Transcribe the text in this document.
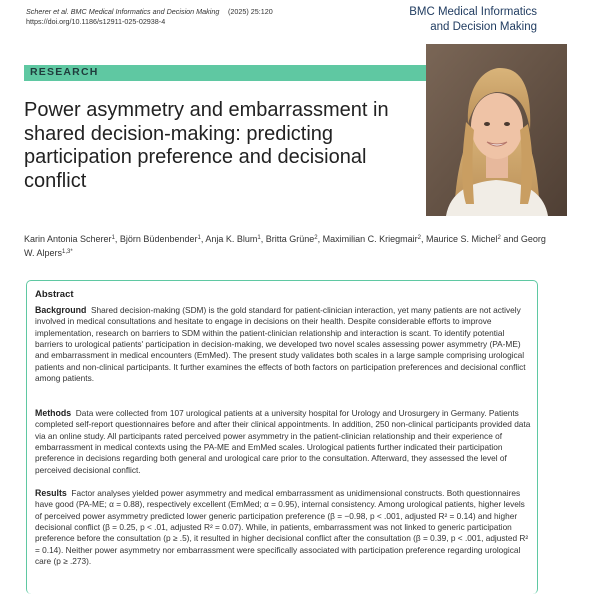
Scherer et al. BMC Medical Informatics and Decision Making (2025) 25:120
https://doi.org/10.1186/s12911-025-02938-4
BMC Medical Informatics
and Decision Making
RESEARCH
Power asymmetry and embarrassment in shared decision-making: predicting participation preference and decisional conflict
Karin Antonia Scherer$^1$, Björn Büdenbender$^1$, Anja K. Blum$^1$, Britta Grüne$^2$, Maximilian C. Kriegmair$^2$, Maurice S. Michel$^2$ and Georg W. Alpers$^{1,3*}$
Abstract

Background Shared decision-making (SDM) is the gold standard for patient-clinician interaction, yet many patients are not actively involved in medical consultations and hesitate to engage in decisions on their health. Despite considerable efforts to improve implementation, research on barriers to SDM within the patient-clinician relationship and interaction is scant. To identify potential barriers to urological patients' participation in decision-making, we developed two novel scales assessing power asymmetry (PA-ME) and embarrassment in medical encounters (EmMed). The present study validates both scales in a large sample comprising urological patients and non-clinical participants. It further examines the effects of both factors on participation preferences and decisional conflict among patients.

Methods Data were collected from 107 urological patients at a university hospital for Urology and Urosurgery in Germany. Patients completed self-report questionnaires before and after their clinical appointments. In addition, 250 non-clinical participants provided data via an online study. All participants rated perceived power asymmetry in the patient-clinician relationship and their experience of embarrassment in medical contexts using the PA-ME and EmMed scales. Urological patients further indicated their participation preference in decisions regarding both general and urological care prior to the consultation. Afterward, they assessed the level of perceived decisional conflict.

Results Factor analyses yielded power asymmetry and medical embarrassment as unidimensional constructs. Both questionnaires have good (PA-ME; α = 0.88), respectively excellent (EmMed; α = 0.95), internal consistency. Among urological patients, higher levels of perceived power asymmetry predicted lower generic participation preference (β = −0.98, p < .001, adjusted R² = 0.14) and higher decisional conflict (β = 0.25, p < .01, adjusted R² = 0.07). While, in patients, embarrassment was not linked to generic participation preference before the consultation (p ≥ .5), it resulted in higher decisional conflict after the consultation (β = 0.39, p < .001, adjusted R² = 0.14). Neither power asymmetry nor embarrassment were specifically associated with participation preference regarding urological care (p ≥ .273).
